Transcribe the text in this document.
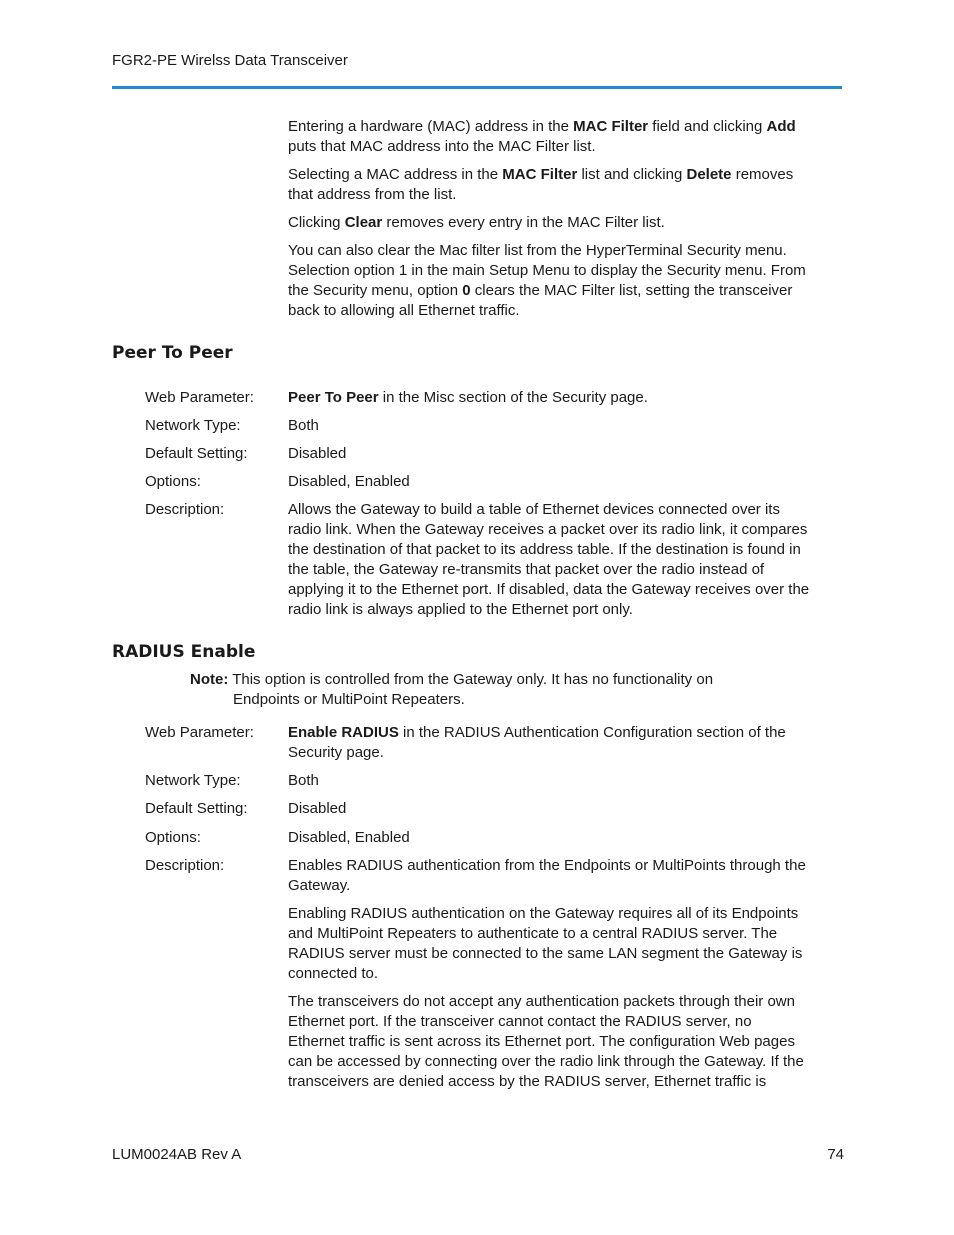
FGR2-PE Wirelss Data Transceiver
Entering a hardware (MAC) address in the MAC Filter field and clicking Add puts that MAC address into the MAC Filter list.
Selecting a MAC address in the MAC Filter list and clicking Delete removes that address from the list.
Clicking Clear removes every entry in the MAC Filter list.
You can also clear the Mac filter list from the HyperTerminal Security menu. Selection option 1 in the main Setup Menu to display the Security menu. From the Security menu, option 0 clears the MAC Filter list, setting the transceiver back to allowing all Ethernet traffic.
Peer To Peer
Web Parameter:	Peer To Peer in the Misc section of the Security page.
Network Type:	Both
Default Setting:	Disabled
Options:	Disabled, Enabled
Description:	Allows the Gateway to build a table of Ethernet devices connected over its radio link. When the Gateway receives a packet over its radio link, it compares the destination of that packet to its address table. If the destination is found in the table, the Gateway re-transmits that packet over the radio instead of applying it to the Ethernet port. If disabled, data the Gateway receives over the radio link is always applied to the Ethernet port only.
RADIUS Enable
Note: This option is controlled from the Gateway only. It has no functionality on
Endpoints or MultiPoint Repeaters.
Web Parameter:	Enable RADIUS in the RADIUS Authentication Configuration section of the Security page.
Network Type:	Both
Default Setting:	Disabled
Options:	Disabled, Enabled
Description:	Enables RADIUS authentication from the Endpoints or MultiPoints through the Gateway.

Enabling RADIUS authentication on the Gateway requires all of its Endpoints and MultiPoint Repeaters to authenticate to a central RADIUS server. The RADIUS server must be connected to the same LAN segment the Gateway is connected to.

The transceivers do not accept any authentication packets through their own Ethernet port. If the transceiver cannot contact the RADIUS server, no Ethernet traffic is sent across its Ethernet port. The configuration Web pages can be accessed by connecting over the radio link through the Gateway. If the transceivers are denied access by the RADIUS server, Ethernet traffic is

LUM0024AB Rev A	74
